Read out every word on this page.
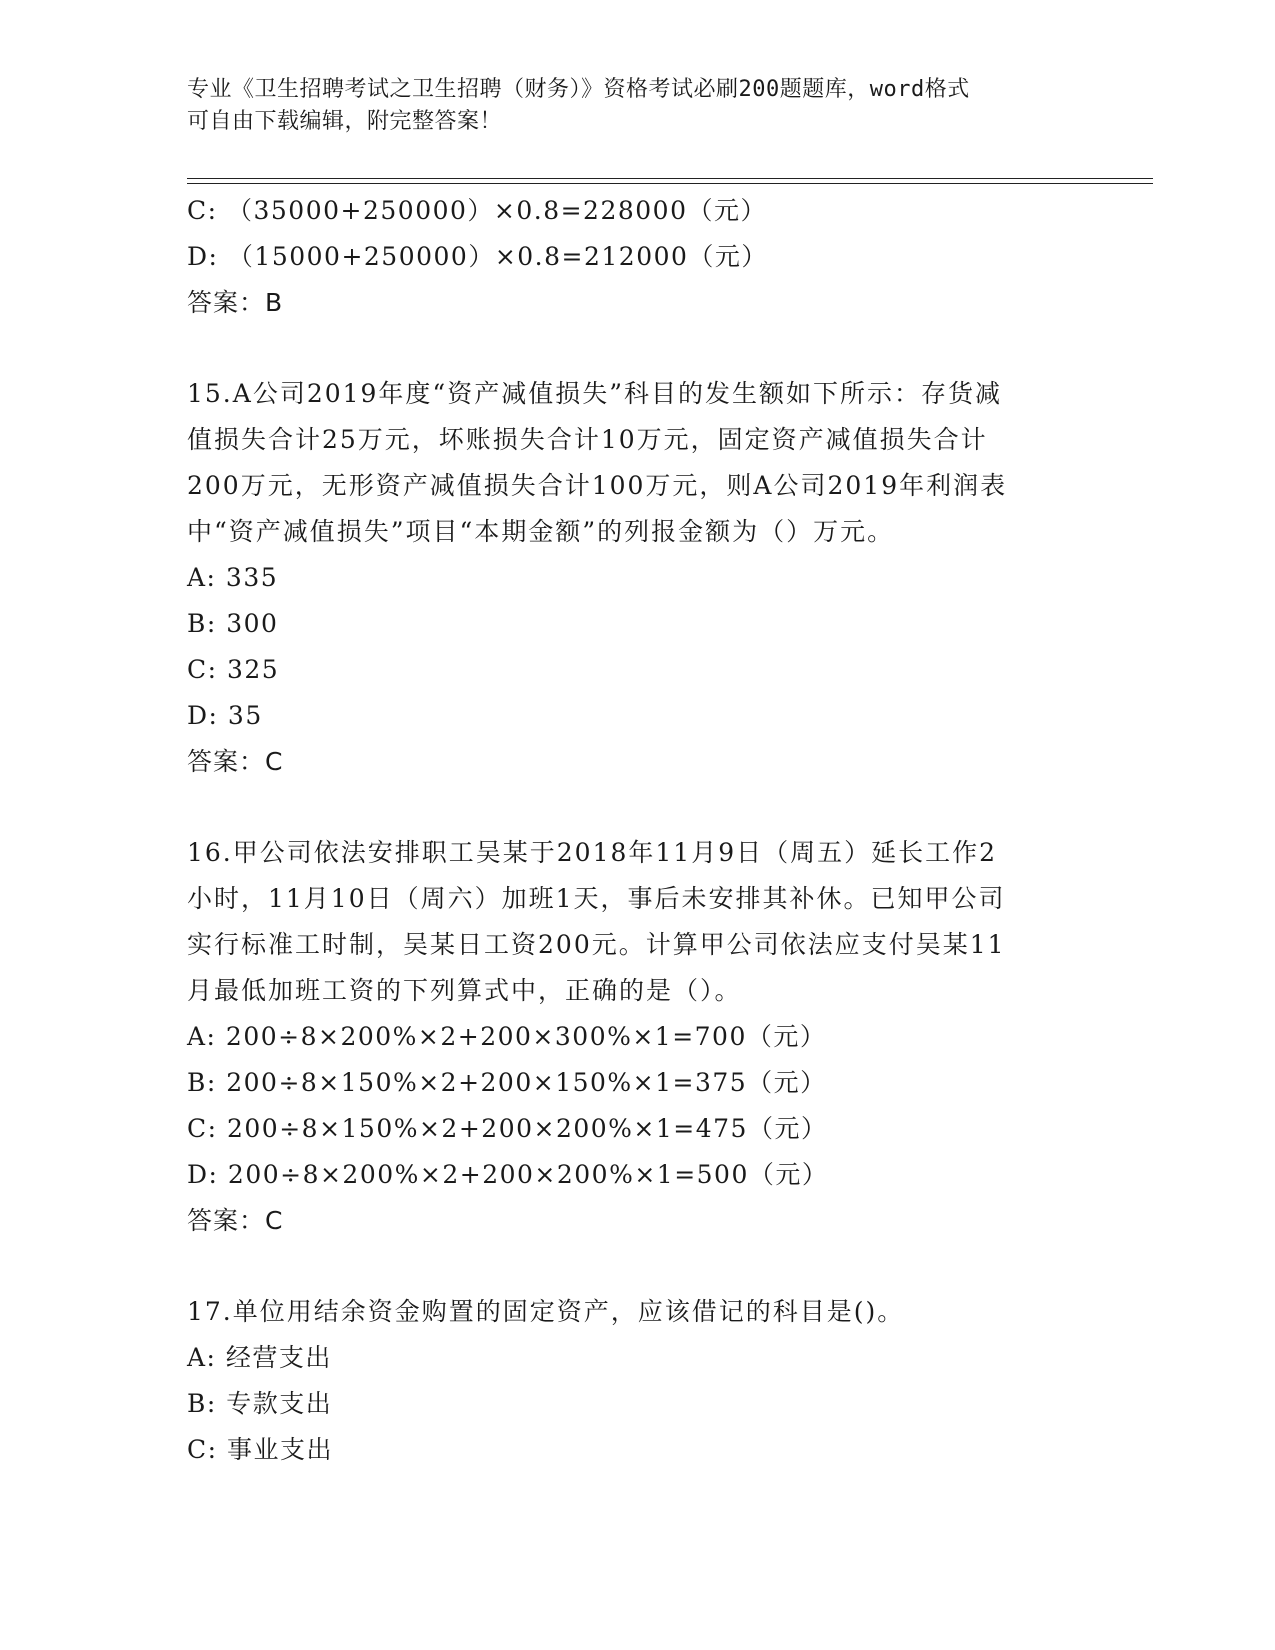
专业《卫生招聘考试之卫生招聘（财务）》资格考试必刷200题题库，word格式
可自由下载编辑，附完整答案！
C: （35000+250000）×0.8=228000（元）
D: （15000+250000）×0.8=212000（元）
答案：B
15.A公司2019年度“资产减值损失”科目的发生额如下所示：存货减
值损失合计25万元，坏账损失合计10万元，固定资产减值损失合计
200万元，无形资产减值损失合计100万元，则A公司2019年利润表
中“资产减值损失”项目“本期金额”的列报金额为（）万元。
A: 335
B: 300
C: 325
D: 35
答案：C
16.甲公司依法安排职工吴某于2018年11月9日（周五）延长工作2
小时，11月10日（周六）加班1天，事后未安排其补休。已知甲公司
实行标准工时制，吴某日工资200元。计算甲公司依法应支付吴某11
月最低加班工资的下列算式中，正确的是（）。
A: 200÷8×200%×2+200×300%×1=700（元）
B: 200÷8×150%×2+200×150%×1=375（元）
C: 200÷8×150%×2+200×200%×1=475（元）
D: 200÷8×200%×2+200×200%×1=500（元）
答案：C
17.单位用结余资金购置的固定资产，应该借记的科目是()。
A: 经营支出
B: 专款支出
C: 事业支出
